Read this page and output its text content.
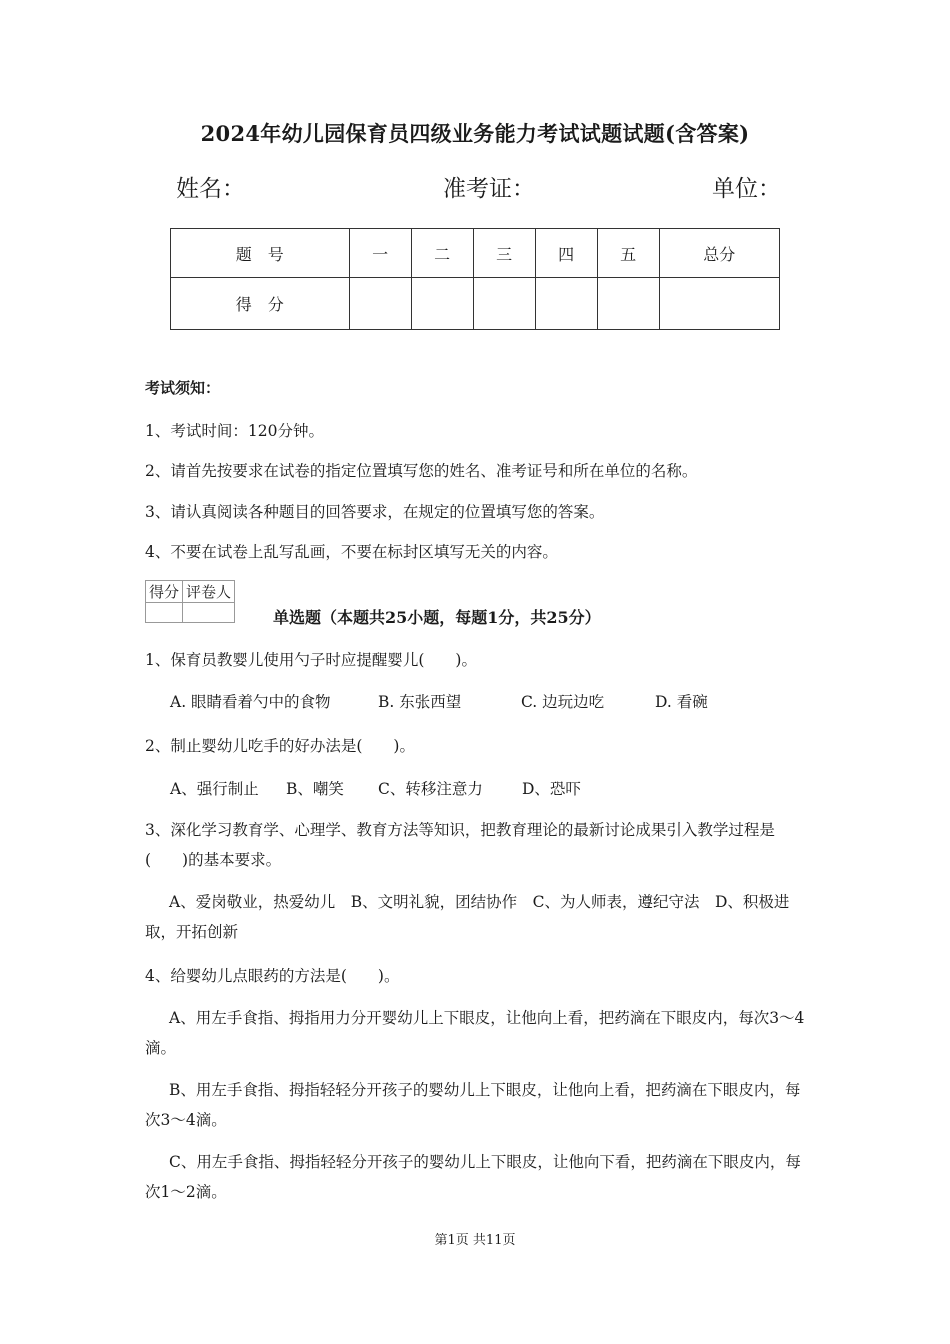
2024年幼儿园保育员四级业务能力考试试题试题(含答案)
姓名：	准考证：	单位：
题　号	一	二	三	四	五	总分
得　分						
考试须知：
1、考试时间：120分钟。
2、请首先按要求在试卷的指定位置填写您的姓名、准考证号和所在单位的名称。
3、请认真阅读各种题目的回答要求，在规定的位置填写您的答案。
4、不要在试卷上乱写乱画，不要在标封区填写无关的内容。
得分	评卷人

单选题（本题共25小题，每题1分，共25分）
1、保育员教婴儿使用勺子时应提醒婴儿(　　)。
A. 眼睛看着勺中的食物	B. 东张西望	C. 边玩边吃	D. 看碗
2、制止婴幼儿吃手的好办法是(　　)。
A、强行制止 B、嘲笑 C、转移注意力	D、恐吓
3、深化学习教育学、心理学、教育方法等知识，把教育理论的最新讨论成果引入教学过程是(　　)的基本要求。
A、爱岗敬业，热爱幼儿　B、文明礼貌，团结协作　C、为人师表，遵纪守法　D、积极进取，开拓创新
4、给婴幼儿点眼药的方法是(　　)。
A、用左手食指、拇指用力分开婴幼儿上下眼皮，让他向上看，把药滴在下眼皮内，每次3～4滴。
B、用左手食指、拇指轻轻分开孩子的婴幼儿上下眼皮，让他向上看，把药滴在下眼皮内，每次3～4滴。
C、用左手食指、拇指轻轻分开孩子的婴幼儿上下眼皮，让他向下看，把药滴在下眼皮内，每次1～2滴。
第1页 共11页
